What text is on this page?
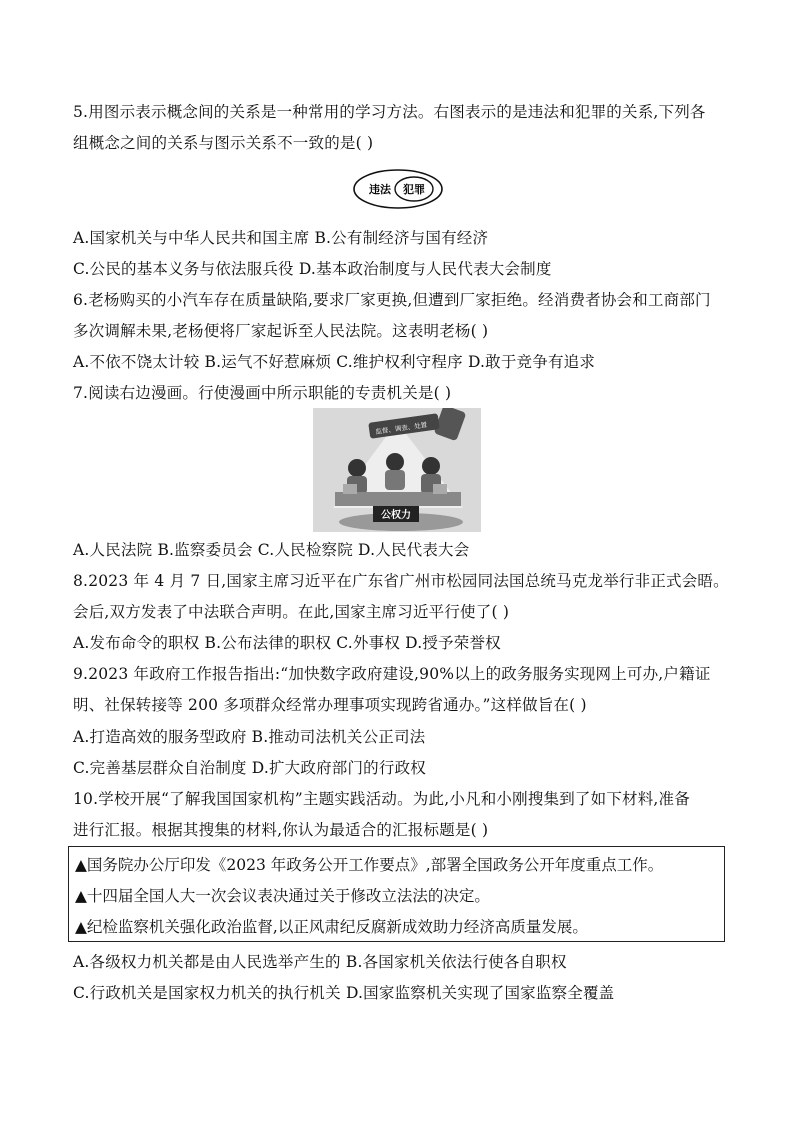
5.用图示表示概念间的关系是一种常用的学习方法。右图表示的是违法和犯罪的关系,下列各
组概念之间的关系与图示关系不一致的是( )
违法 犯罪
A.国家机关与中华人民共和国主席 B.公有制经济与国有经济
C.公民的基本义务与依法服兵役 D.基本政治制度与人民代表大会制度
6.老杨购买的小汽车存在质量缺陷,要求厂家更换,但遭到厂家拒绝。经消费者协会和工商部门
多次调解未果,老杨便将厂家起诉至人民法院。这表明老杨( )
A.不依不饶太计较 B.运气不好惹麻烦 C.维护权利守程序 D.敢于竞争有追求
7.阅读右边漫画。行使漫画中所示职能的专责机关是( )
监督、调查、处置
公权力
A.人民法院 B.监察委员会 C.人民检察院 D.人民代表大会
8.2023 年 4 月 7 日,国家主席习近平在广东省广州市松园同法国总统马克龙举行非正式会晤。
会后,双方发表了中法联合声明。在此,国家主席习近平行使了( )
A.发布命令的职权 B.公布法律的职权 C.外事权 D.授予荣誉权
9.2023 年政府工作报告指出:“加快数字政府建设,90%以上的政务服务实现网上可办,户籍证
明、社保转接等 200 多项群众经常办理事项实现跨省通办。”这样做旨在( )
A.打造高效的服务型政府 B.推动司法机关公正司法
C.完善基层群众自治制度 D.扩大政府部门的行政权
10.学校开展“了解我国国家机构”主题实践活动。为此,小凡和小刚搜集到了如下材料,准备
进行汇报。根据其搜集的材料,你认为最适合的汇报标题是( )
▲国务院办公厅印发《2023 年政务公开工作要点》,部署全国政务公开年度重点工作。
▲十四届全国人大一次会议表决通过关于修改立法法的决定。
▲纪检监察机关强化政治监督,以正风肃纪反腐新成效助力经济高质量发展。
A.各级权力机关都是由人民选举产生的 B.各国家机关依法行使各自职权
C.行政机关是国家权力机关的执行机关 D.国家监察机关实现了国家监察全覆盖
